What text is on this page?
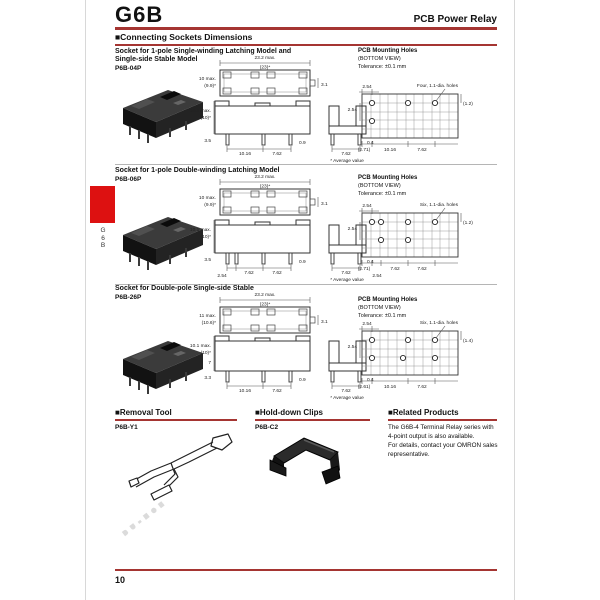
G6B	PCB Power Relay
■Connecting Sockets Dimensions
Socket for 1-pole Single-winding Latching Model and
Single-side Stable Model
P6B-04P
PCB Mounting Holes
(BOTTOM VIEW)
Tolerance: ±0.1 mm
23.2 max.
(23)*
10 max.
(9.9)*	3.1
10.16	7.62
10.1 max.
(10)*
3.5	0.9
7.62
0.4
* Average value
Four, 1.1-dia. holes
2.54
2.54
(1.2)
(2.71)	10.16	7.62
Socket for 1-pole Double-winding Latching Model
P6B-06P	PCB Mounting Holes
(BOTTOM VIEW)
Tolerance: ±0.1 mm
23.2 max.
(23)*
10 max.
(9.9)*	3.1
2.54
7.62	7.62
10.1 max.
(10)*
3.5	0.9
7.62
0.4
* Average value
Six, 1.1-dia. holes
2.54
2.54
(1.2)
(2.71)	7.62	7.62
2.54
Socket for Double-pole Single-side Stable
P6B-26P	PCB Mounting Holes
(BOTTOM VIEW)
Tolerance: ±0.1 mm
23.2 max.
(23)*
11 max.
(10.6)*	3.1
10.16	7.62
10.1 max.
(10)*
7
3.3	0.9
7.62
0.4
* Average value
Six, 1.1-dia. holes
2.54
2.54
(1.4)
(2.61)	10.16	7.62
G
6
B
■Removal Tool
P6B-Y1
■Hold-down Clips
P6B-C2
■Related Products
The G6B-4 Terminal Relay series with
4-point output is also available.
For details, contact your OMRON sales
representative.
10
BU-NCE
